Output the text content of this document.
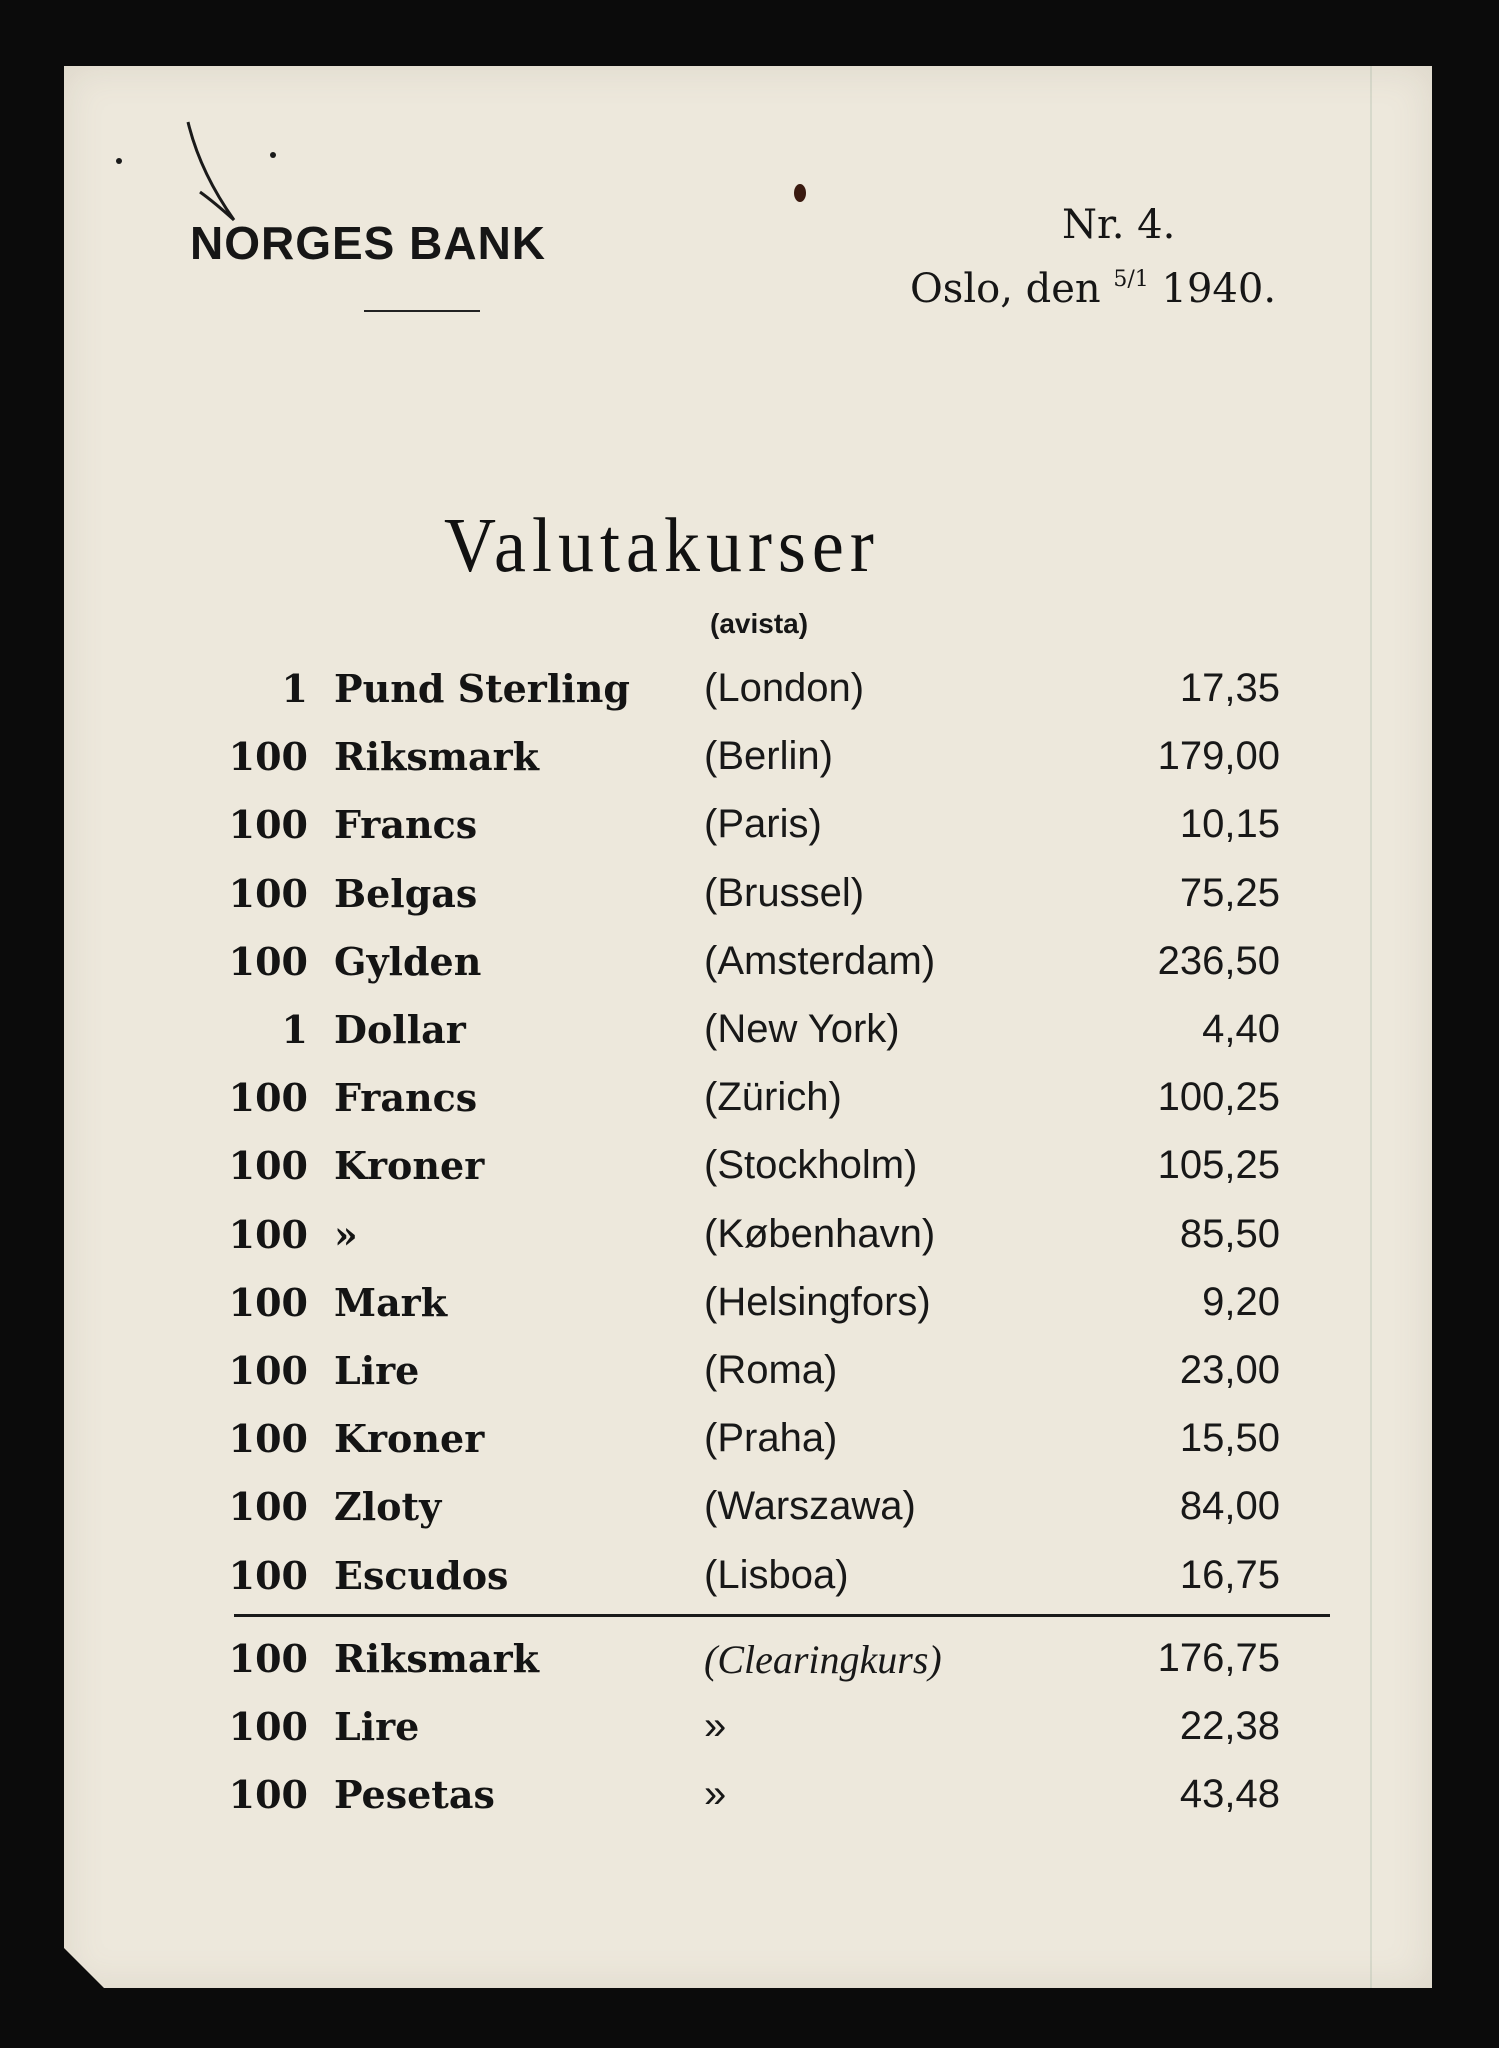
NORGES BANK	Nr. 4.
Oslo, den $^{5/1}$ 1940.
Valutakurser
(avista)
1 Pund Sterling (London)	17,35
100 Riksmark	(Berlin)	179,00
100 Francs	(Paris)	10,15
100 Belgas	(Brussel)	75,25
100 Gylden	(Amsterdam)	236,50
1 Dollar	(New York)	4,40
100 Francs	(Zürich)	100,25
100 Kroner	(Stockholm)	105,25
100 »	(København)	85,50
100 Mark	(Helsingfors)	9,20
100 Lire	(Roma)	23,00
100 Kroner	(Praha)	15,50
100 Zloty	(Warszawa)	84,00
100 Escudos	(Lisboa)	16,75
100 Riksmark	(Clearingkurs)	176,75
100 Lire	»	22,38
100 Pesetas	»	43,48
